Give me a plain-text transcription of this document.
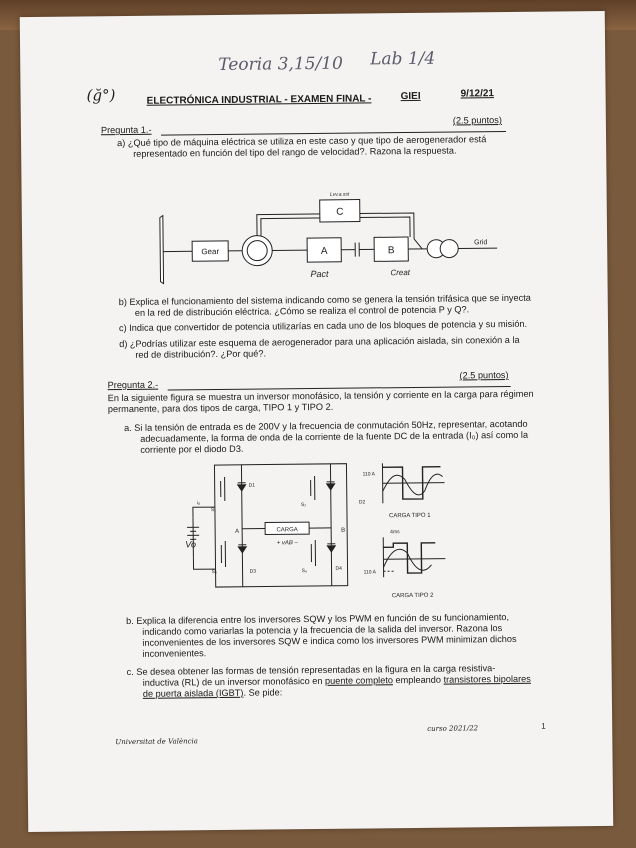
Teoria 3,15/10 Lab 1/4
(ğ°)	ELECTRÓNICA INDUSTRIAL - EXAMEN FINAL -	GIEI	9/12/21
Pregunta 1.-
(2.5 puntos)
a) ¿Qué tipo de máquina eléctrica se utiliza en este caso y que tipo de aerogenerador está
representado en función del tipo del rango de velocidad?. Razona la respuesta.
Gear	A	B
C
Grid
Lvv.a.sst
Pact	Creat
b) Explica el funcionamiento del sistema indicando como se genera la tensión trifásica que se inyecta
en la red de distribución eléctrica. ¿Cómo se realiza el control de potencia P y Q?.
c) Indica que convertidor de potencia utilizarías en cada uno de los bloques de potencia y su misión.
d) ¿Podrías utilizar este esquema de aerogenerador para una aplicación aislada, sin conexión a la
red de distribución?. ¿Por qué?.
Pregunta 2.-
(2.5 puntos)
En la siguiente figura se muestra un inversor monofásico, la tensión y corriente en la carga para régimen
permanente, para dos tipos de carga, TIPO 1 y TIPO 2.
a. Si la tensión de entrada es de 200V y la frecuencia de conmutación 50Hz, representar, acotando
adecuadamente, la forma de onda de la corriente de la fuente DC de la entrada (I₀) así como la
corriente por el diodo D3.
CARGA
+ vAB –
A	B
Vo
i₀
D1
D2
D3	D4
S₁
S₂
S₃	S₄
110 A
110 A
4ms
CARGA TIPO 1
CARGA TIPO 2
b. Explica la diferencia entre los inversores SQW y los PWM en función de su funcionamiento,
indicando como variarlas la potencia y la frecuencia de la salida del inversor. Razona los
inconvenientes de los inversores SQW e indica como los inversores PWM minimizan dichos
inconvenientes.
c. Se desea obtener las formas de tensión representadas en la figura en la carga resistiva-
inductiva (RL) de un inversor monofásico en puente completo empleando transistores bipolares
de puerta aislada (IGBT). Se pide:
Universitat de València
curso 2021/22	1
